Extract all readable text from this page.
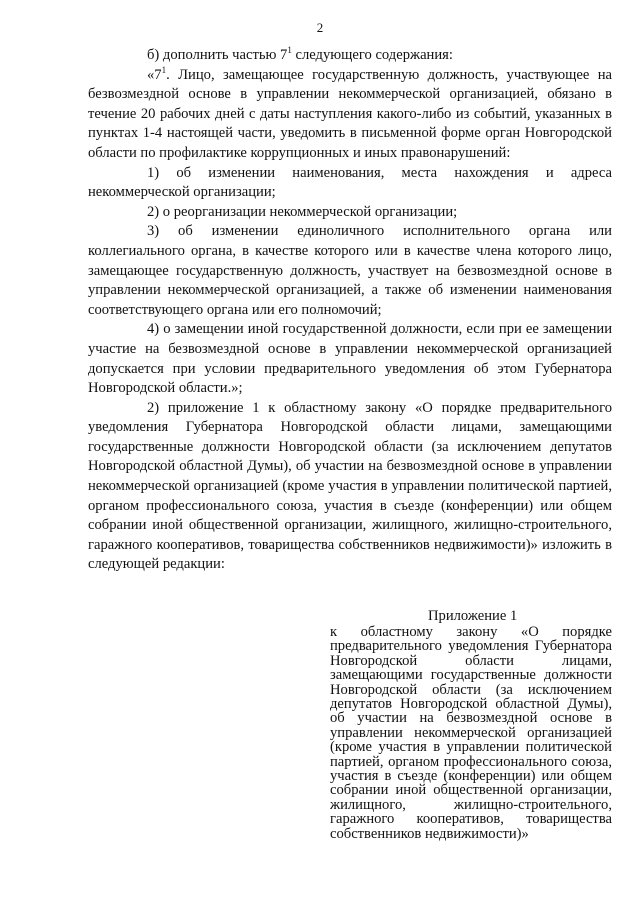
2

б) дополнить частью $7^1$ следующего содержания:

«$7^1$. Лицо, замещающее государственную должность, участвующее на безвозмездной основе в управлении некоммерческой организацией, обязано в течение 20 рабочих дней с даты наступления какого-либо из событий, указанных в пунктах 1-4 настоящей части, уведомить в письменной форме орган Новгородской области по профилактике коррупционных и иных правонарушений:

1) об изменении наименования, места нахождения и адреса некоммерческой организации;

2) о реорганизации некоммерческой организации;

3) об изменении единоличного исполнительного органа или коллегиального органа, в качестве которого или в качестве члена которого лицо, замещающее государственную должность, участвует на безвозмездной основе в управлении некоммерческой организацией, а также об изменении наименования соответствующего органа или его полномочий;

4) о замещении иной государственной должности, если при ее замещении участие на безвозмездной основе в управлении некоммерческой организацией допускается при условии предварительного уведомления об этом Губернатора Новгородской области.»;

2) приложение 1 к областному закону «О порядке предварительного уведомления Губернатора Новгородской области лицами, замещающими государственные должности Новгородской области (за исключением депутатов Новгородской областной Думы), об участии на безвозмездной основе в управлении некоммерческой организацией (кроме участия в управлении политической партией, органом профессионального союза, участия в съезде (конференции) или общем собрании иной общественной организации, жилищного, жилищно-строительного, гаражного кооперативов, товарищества собственников недвижимости)» изложить в следующей редакции:

Приложение 1

к областному закону «О порядке предварительного уведомления Губернатора Новгородской области лицами, замещающими государственные должности Новгородской области (за исключением депутатов Новгородской областной Думы), об участии на безвозмездной основе в управлении некоммерческой организацией (кроме участия в управлении политической партией, органом профессионального союза, участия в съезде (конференции) или общем собрании иной общественной организации, жилищного, жилищно-строительного, гаражного кооперативов, товарищества собственников недвижимости)»
